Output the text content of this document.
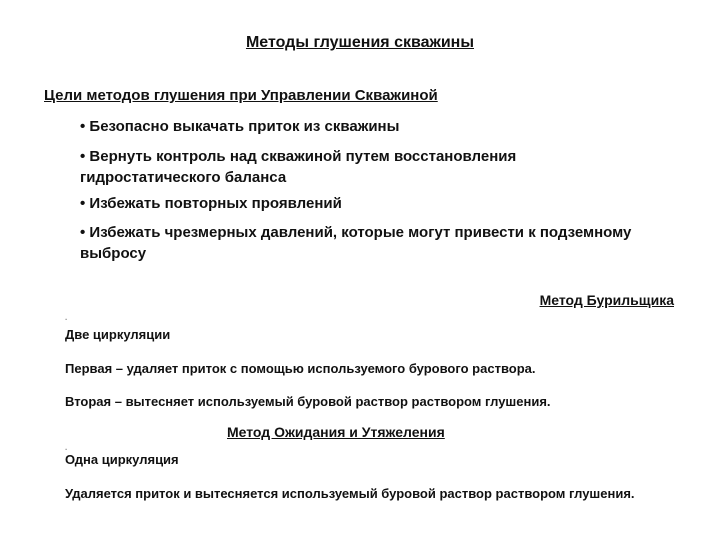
Методы глушения скважины
Цели методов глушения при Управлении Скважиной
• Безопасно выкачать приток из скважины
• Вернуть контроль над скважиной путем восстановления гидростатического баланса
• Избежать повторных проявлений
• Избежать чрезмерных давлений, которые могут привести к подземному выбросу
Метод Бурильщика
.
Две циркуляции
Первая – удаляет приток с помощью используемого бурового раствора.
Вторая – вытесняет используемый буровой раствор раствором глушения.
Метод Ожидания и Утяжеления
.
Одна циркуляция
Удаляется приток и вытесняется используемый буровой раствор раствором глушения.
